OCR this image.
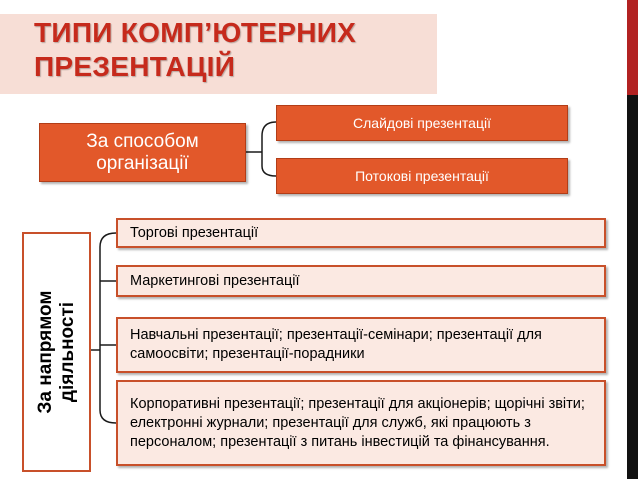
ТИПИ КОМП’ЮТЕРНИХ
ПРЕЗЕНТАЦІЙ
За способом організації
Слайдові презентації
Потокові презентації
За напрямом діяльності
Торгові презентації
Маркетингові презентації
Навчальні презентації; презентації-семінари; презентації для самоосвіти; презентації-порадники
Корпоративні презентації; презентації для акціонерів; щорічні звіти; електронні журнали; презентації для служб, які працюють з персоналом; презентації з питань інвестицій та фінансування.
